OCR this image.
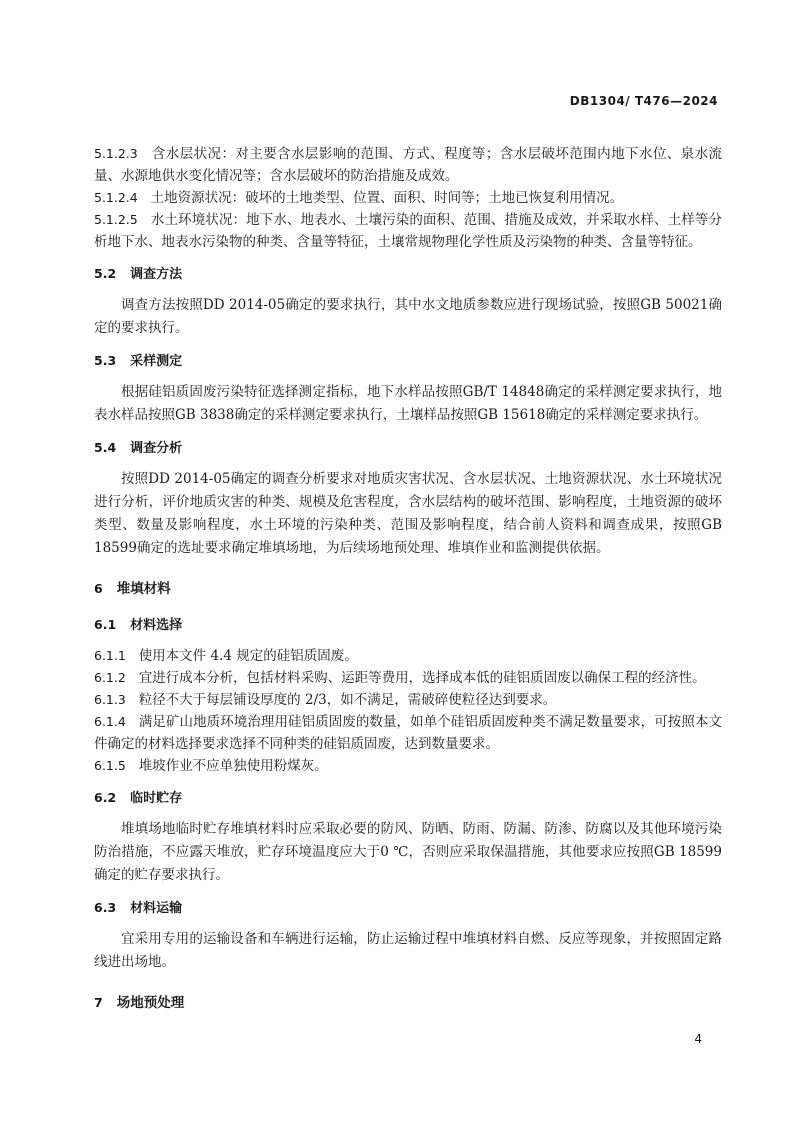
DB1304/ T476—2024

5.1.2.3 含水层状况：对主要含水层影响的范围、方式、程度等；含水层破坏范围内地下水位、泉水流量、水源地供水变化情况等；含水层破坏的防治措施及成效。

5.1.2.4 土地资源状况：破坏的土地类型、位置、面积、时间等；土地已恢复利用情况。

5.1.2.5 水土环境状况：地下水、地表水、土壤污染的面积、范围、措施及成效，并采取水样、土样等分析地下水、地表水污染物的种类、含量等特征，土壤常规物理化学性质及污染物的种类、含量等特征。

5.2 调查方法

调查方法按照DD 2014-05确定的要求执行，其中水文地质参数应进行现场试验，按照GB 50021确定的要求执行。

5.3 采样测定

根据硅铝质固废污染特征选择测定指标，地下水样品按照GB/T 14848确定的采样测定要求执行，地表水样品按照GB 3838确定的采样测定要求执行，土壤样品按照GB 15618确定的采样测定要求执行。

5.4 调查分析

按照DD 2014-05确定的调查分析要求对地质灾害状况、含水层状况、土地资源状况、水土环境状况进行分析，评价地质灾害的种类、规模及危害程度，含水层结构的破坏范围、影响程度，土地资源的破坏类型、数量及影响程度，水土环境的污染种类、范围及影响程度，结合前人资料和调查成果，按照GB 18599确定的选址要求确定堆填场地，为后续场地预处理、堆填作业和监测提供依据。

6 堆填材料
6.1 材料选择

6.1.1 使用本文件 4.4 规定的硅铝质固废。

6.1.2 宜进行成本分析，包括材料采购、运距等费用，选择成本低的硅铝质固废以确保工程的经济性。

6.1.3 粒径不大于每层铺设厚度的 2/3，如不满足，需破碎使粒径达到要求。

6.1.4 满足矿山地质环境治理用硅铝质固废的数量，如单个硅铝质固废种类不满足数量要求，可按照本文件确定的材料选择要求选择不同种类的硅铝质固废，达到数量要求。

6.1.5 堆坡作业不应单独使用粉煤灰。

6.2 临时贮存

堆填场地临时贮存堆填材料时应采取必要的防风、防晒、防雨、防漏、防渗、防腐以及其他环境污染防治措施，不应露天堆放，贮存环境温度应大于0 ℃，否则应采取保温措施，其他要求应按照GB 18599确定的贮存要求执行。

6.3 材料运输

宜采用专用的运输设备和车辆进行运输，防止运输过程中堆填材料自燃、反应等现象，并按照固定路线进出场地。

7 场地预处理
4
